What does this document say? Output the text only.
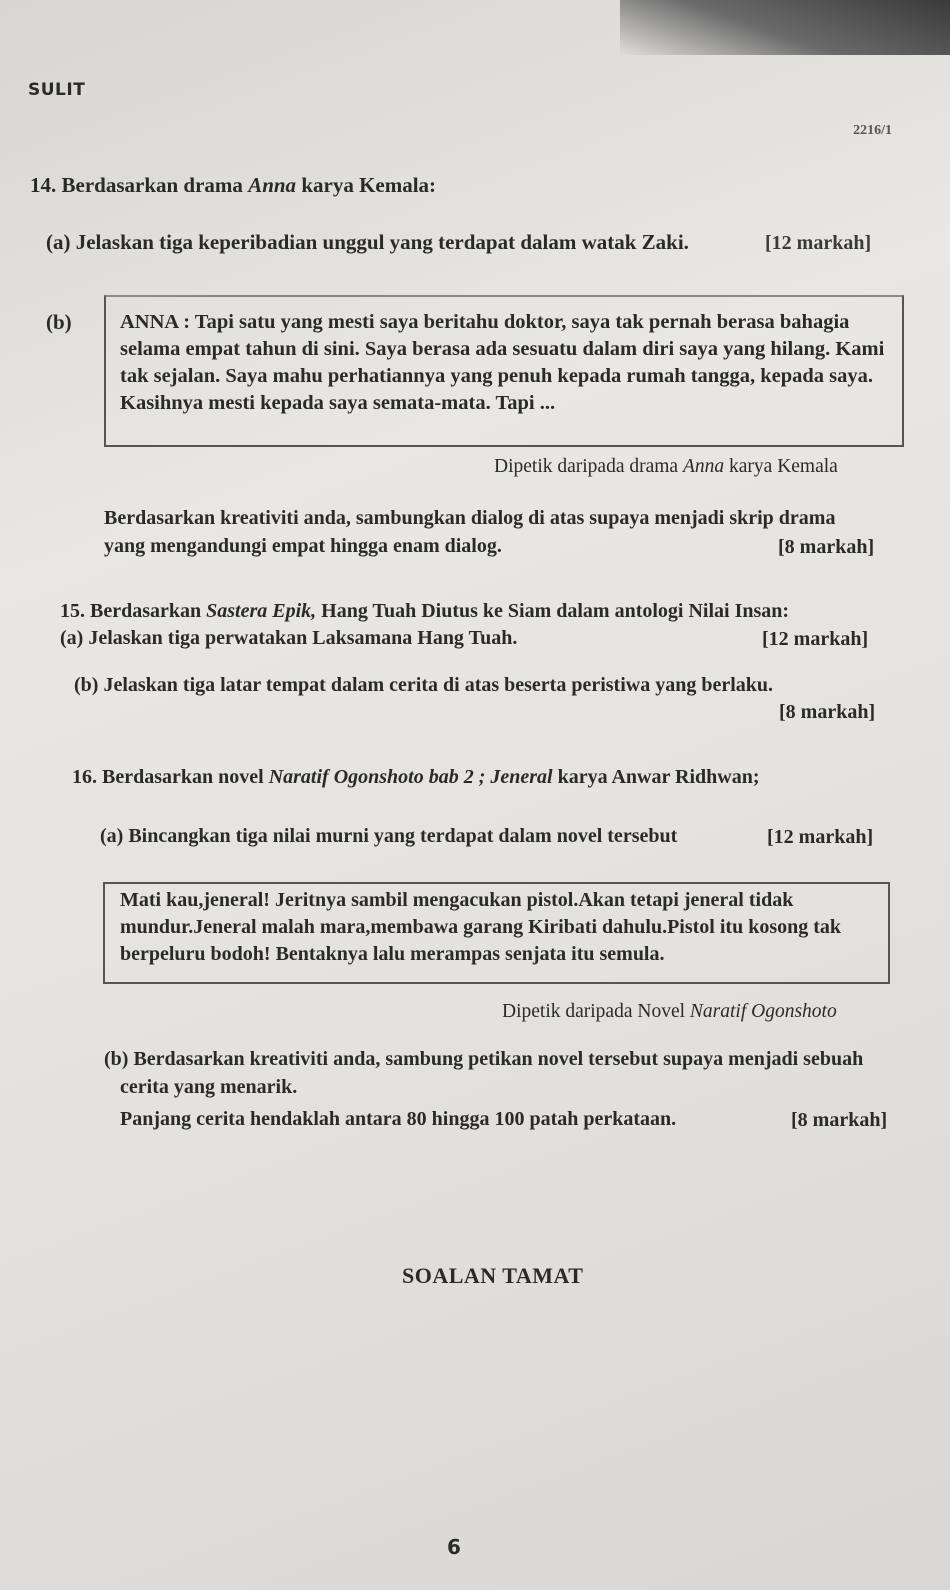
SULIT
2216/1
14. Berdasarkan drama Anna karya Kemala:
(a) Jelaskan tiga keperibadian unggul yang terdapat dalam watak Zaki.	[12 markah]
(b) ANNA : Tapi satu yang mesti saya beritahu doktor, saya tak pernah berasa bahagia
selama empat tahun di sini. Saya berasa ada sesuatu dalam diri saya yang hilang. Kami
tak sejalan. Saya mahu perhatiannya yang penuh kepada rumah tangga, kepada saya.
Kasihnya mesti kepada saya semata-mata. Tapi ...
Dipetik daripada drama Anna karya Kemala
Berdasarkan kreativiti anda, sambungkan dialog di atas supaya menjadi skrip drama
yang mengandungi empat hingga enam dialog.	[8 markah]
15. Berdasarkan Sastera Epik, Hang Tuah Diutus ke Siam dalam antologi Nilai Insan:
(a) Jelaskan tiga perwatakan Laksamana Hang Tuah.	[12 markah]
(b) Jelaskan tiga latar tempat dalam cerita di atas beserta peristiwa yang berlaku.
[8 markah]
16. Berdasarkan novel Naratif Ogonshoto bab 2 ; Jeneral karya Anwar Ridhwan;
(a) Bincangkan tiga nilai murni yang terdapat dalam novel tersebut	[12 markah]
Mati kau,jeneral! Jeritnya sambil mengacukan pistol.Akan tetapi jeneral tidak
mundur.Jeneral malah mara,membawa garang Kiribati dahulu.Pistol itu kosong tak
berpeluru bodoh! Bentaknya lalu merampas senjata itu semula.
Dipetik daripada Novel Naratif Ogonshoto
(b) Berdasarkan kreativiti anda, sambung petikan novel tersebut supaya menjadi sebuah
cerita yang menarik.
Panjang cerita hendaklah antara 80 hingga 100 patah perkataan.	[8 markah]
SOALAN TAMAT
6
